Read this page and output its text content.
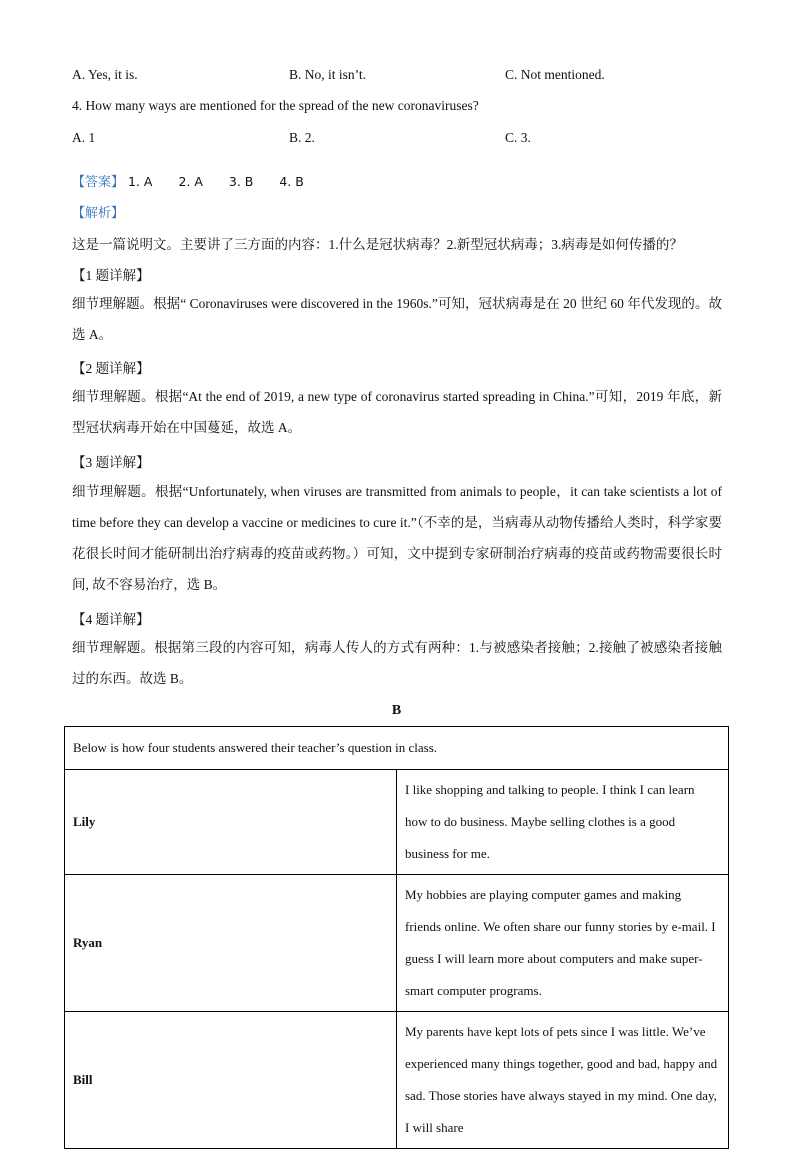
A. Yes, it is.	B. No, it isn’t.	C. Not mentioned.
4. How many ways are mentioned for the spread of the new coronaviruses?
A. 1	B. 2.	C. 3.
【答案】 1. A 2. A 3. B 4. B
【解析】
这是一篇说明文。主要讲了三方面的内容：1.什么是冠状病毒？2.新型冠状病毒；3.病毒是如何传播的？
【1 题详解】
细节理解题。根据“ Coronaviruses were discovered in the 1960s.”可知，冠状病毒是在 20 世纪 60 年代发现的。故选 A。
【2 题详解】
细节理解题。根据“At the end of 2019, a new type of coronavirus started spreading in China.”可知，2019 年底，新型冠状病毒开始在中国蔓延，故选 A。
【3 题详解】
细节理解题。根据“Unfortunately, when viruses are transmitted from animals to people，it can take scientists a lot of time before they can develop a vaccine or medicines to cure it.”（不幸的是，当病毒从动物传播给人类时，科学家要花很长时间才能研制出治疗病毒的疫苗或药物。）可知，文中提到专家研制治疗病毒的疫苗或药物需要很长时间, 故不容易治疗，选 B。
【4 题详解】
细节理解题。根据第三段的内容可知，病毒人传人的方式有两种：1.与被感染者接触；2.接触了被感染者接触过的东西。故选 B。
B
Below is how four students answered their teacher’s question in class.	
Lily	I like shopping and talking to people. I think I can learn how to do business. Maybe selling clothes is a good business for me.
Ryan	My hobbies are playing computer games and making friends online. We often share our funny stories by e-mail. I guess I will learn more about computers and make super-smart computer programs.
Bill	My parents have kept lots of pets since I was little. We’ve experienced many things together, good and bad, happy and sad. Those stories have always stayed in my mind. One day, I will share
